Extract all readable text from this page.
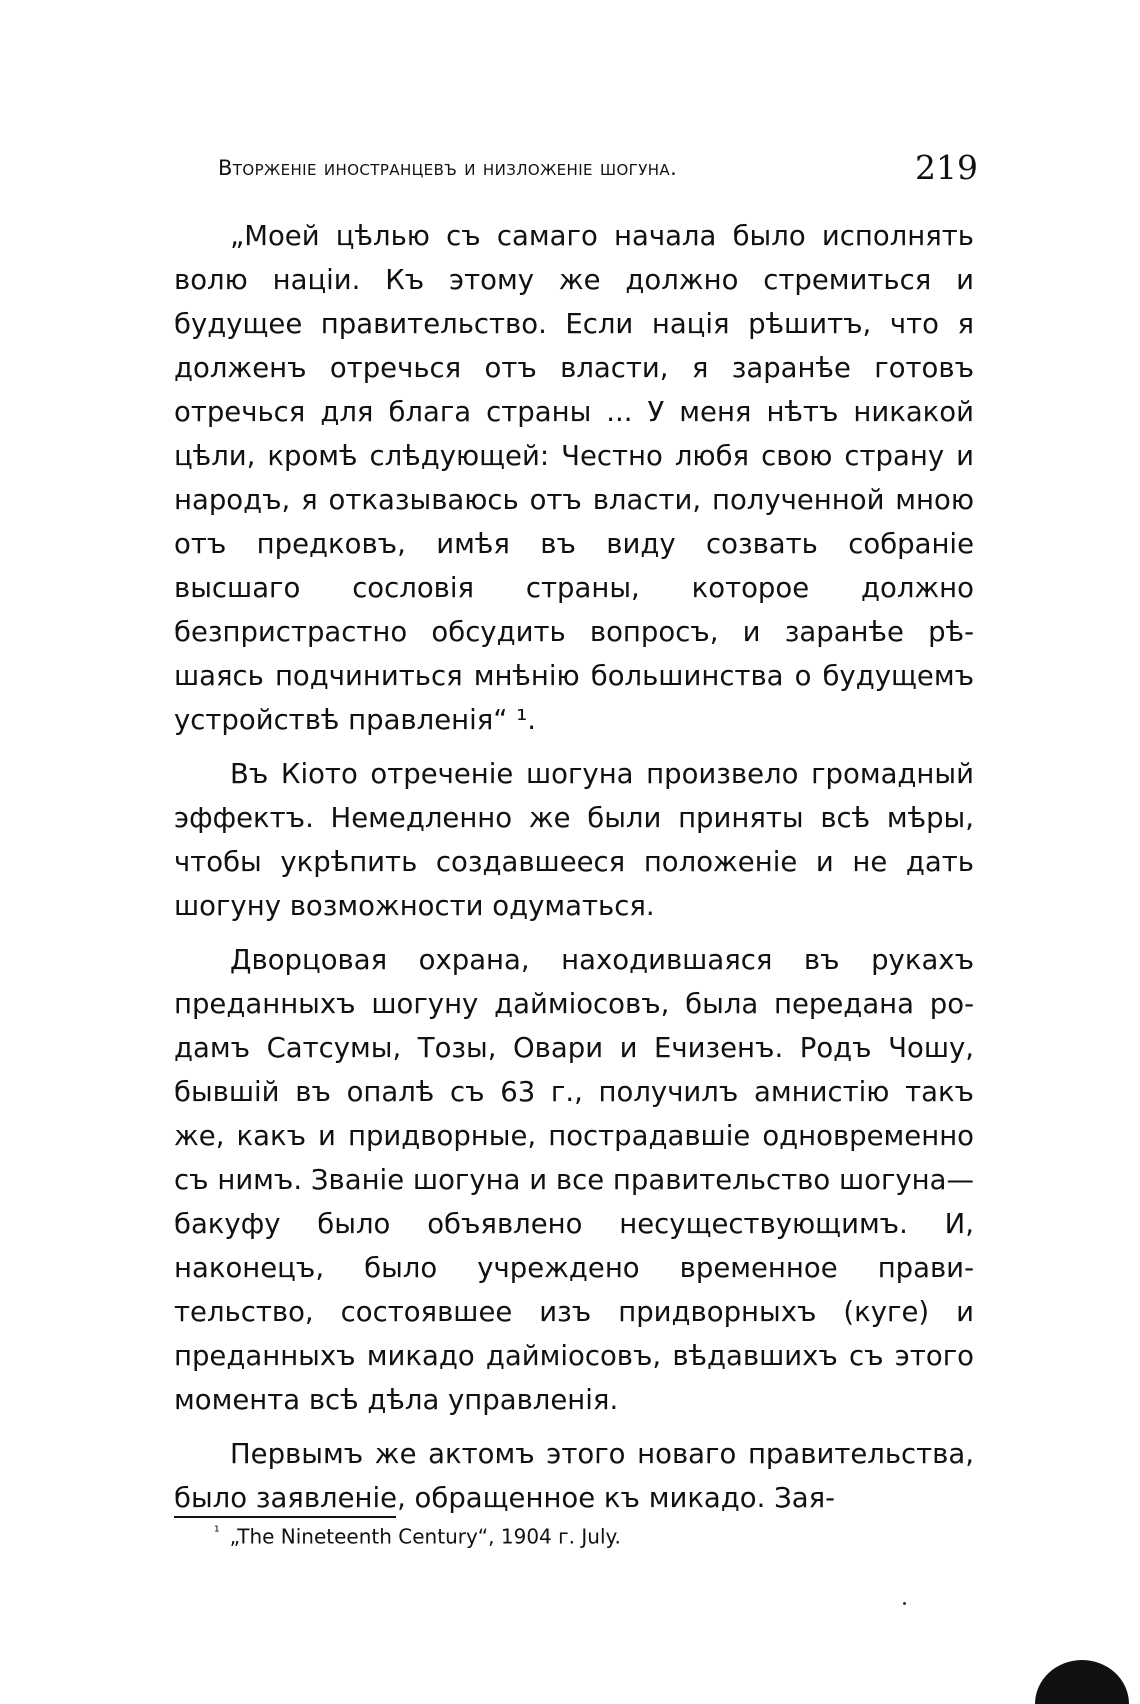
Вторженіе иностранцевъ и низложеніе шогуна.	219

„Моей цѣлью съ самаго начала было исполнять волю націи. Къ этому же должно стремиться и будущее правительство. Если нація рѣшитъ, что я долженъ отречься отъ власти, я заранѣе готовъ отречься для блага страны ... У меня нѣтъ никакой цѣли, кромѣ слѣдующей: Честно любя свою страну и народъ, я отказываюсь отъ власти, полученной мною отъ предковъ, имѣя въ виду созвать собраніе высшаго сословія страны, которое должно безпристрастно обсудить вопросъ, и заранѣе рѣшаясь подчиниться мнѣнію большинства о будущемъ устройствѣ правленія“ ¹.

Въ Кіото отреченіе шогуна произвело громадный эффектъ. Немедленно же были приняты всѣ мѣры, чтобы укрѣпить создавшееся положеніе и не дать шогуну возможности одуматься.

Дворцовая охрана, находившаяся въ рукахъ преданныхъ шогуну дайміосовъ, была передана родамъ Сатсумы, Тозы, Овари и Ечизенъ. Родъ Чошу, бывшій въ опалѣ съ 63 г., получилъ амнистію такъ же, какъ и придворные, пострадавшіе одновременно съ нимъ. Званіе шогуна и все правительство шогуна—бакуфу было объявлено несуществующимъ. И, наконецъ, было учреждено временное правительство, состоявшее изъ придворныхъ (куге) и преданныхъ микадо дайміосовъ, вѣдавшихъ съ этого момента всѣ дѣла управленія.

Первымъ же актомъ этого новаго правительства, было заявленіе, обращенное къ микадо. Зая-

¹ „The Nineteenth Century“, 1904 г. July.
